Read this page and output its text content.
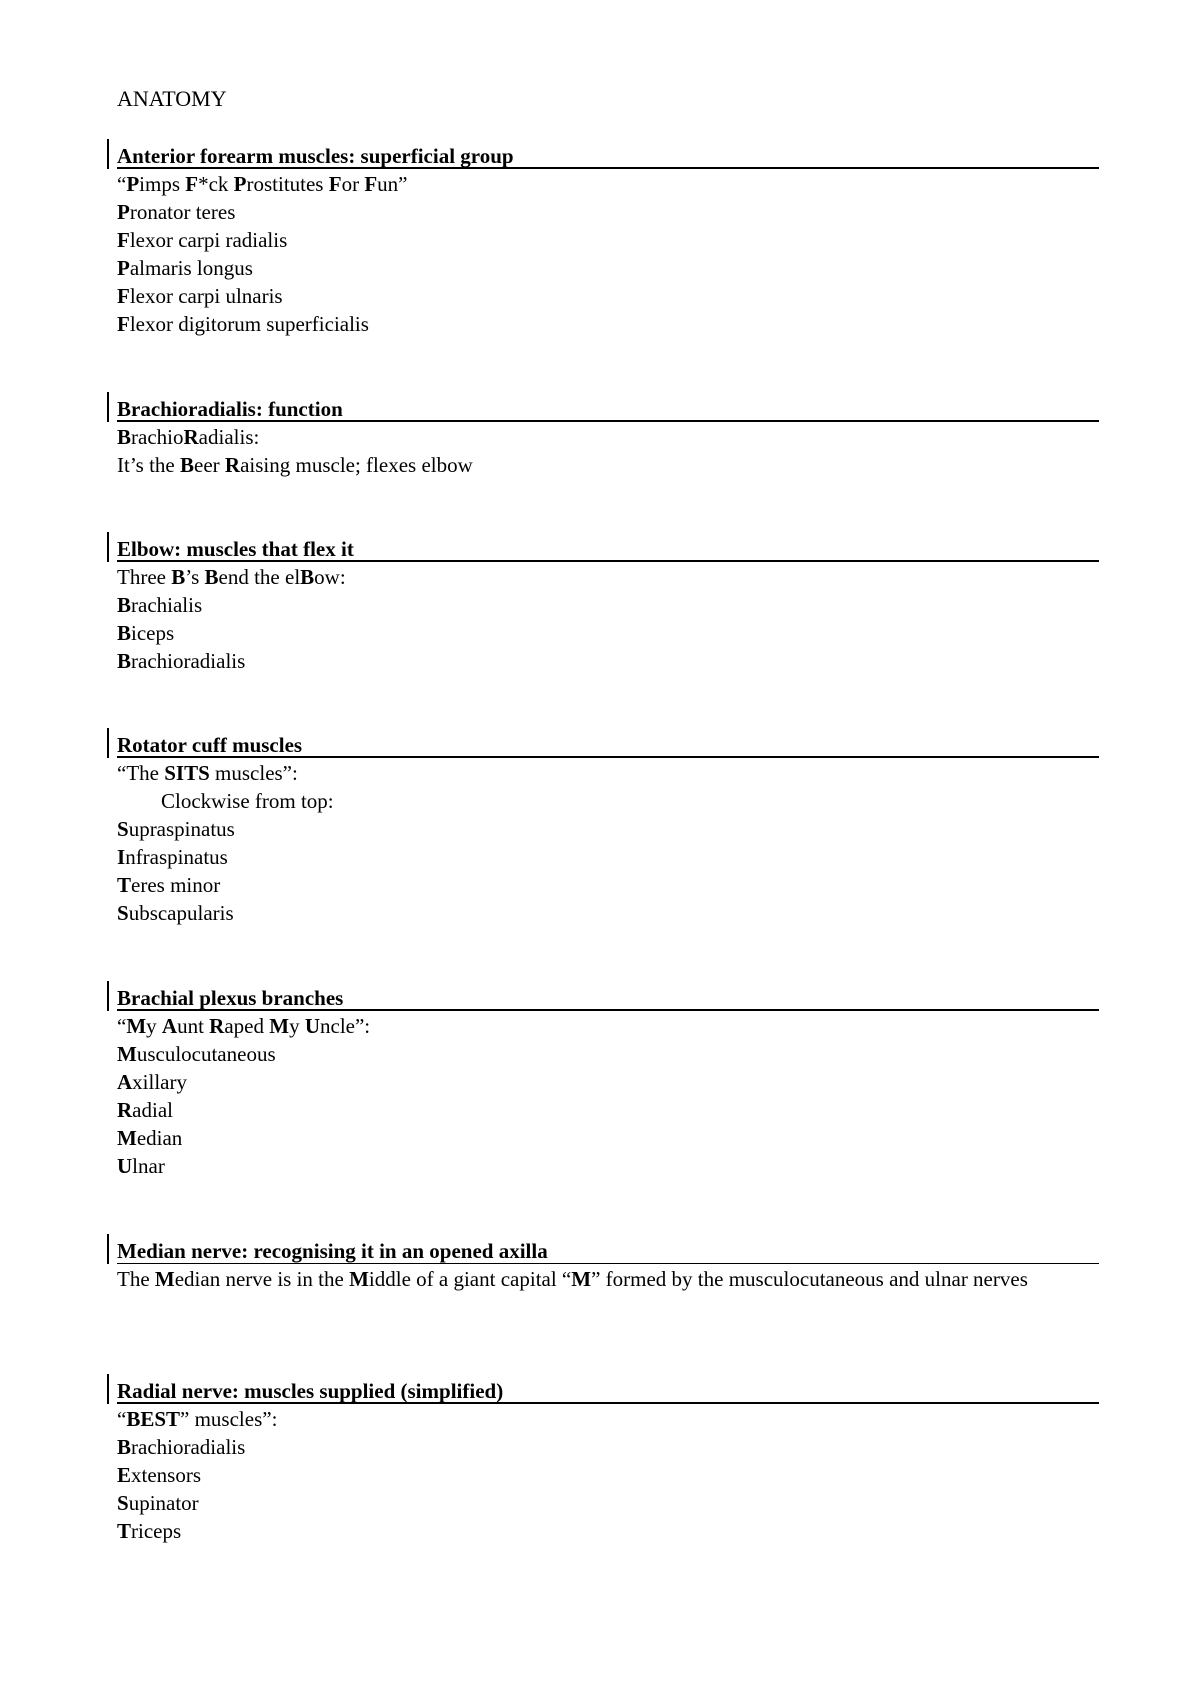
ANATOMY
Anterior forearm muscles: superficial group
“Pimps F*ck Prostitutes For Fun”
Pronator teres
Flexor carpi radialis
Palmaris longus
Flexor carpi ulnaris
Flexor digitorum superficialis
Brachioradialis: function
BrachioRadialis:
It’s the Beer Raising muscle; flexes elbow
Elbow: muscles that flex it
Three B’s Bend the elBow:
Brachialis
Biceps
Brachioradialis
Rotator cuff muscles
“The SITS muscles”:
Clockwise from top:
Supraspinatus
Infraspinatus
Teres minor
Subscapularis
Brachial plexus branches
“My Aunt Raped My Uncle”:
Musculocutaneous
Axillary
Radial
Median
Ulnar
Median nerve: recognising it in an opened axilla
The Median nerve is in the Middle of a giant capital “M” formed by the musculocutaneous and ulnar nerves
Radial nerve: muscles supplied (simplified)
“BEST” muscles”:
Brachioradialis
Extensors
Supinator
Triceps
